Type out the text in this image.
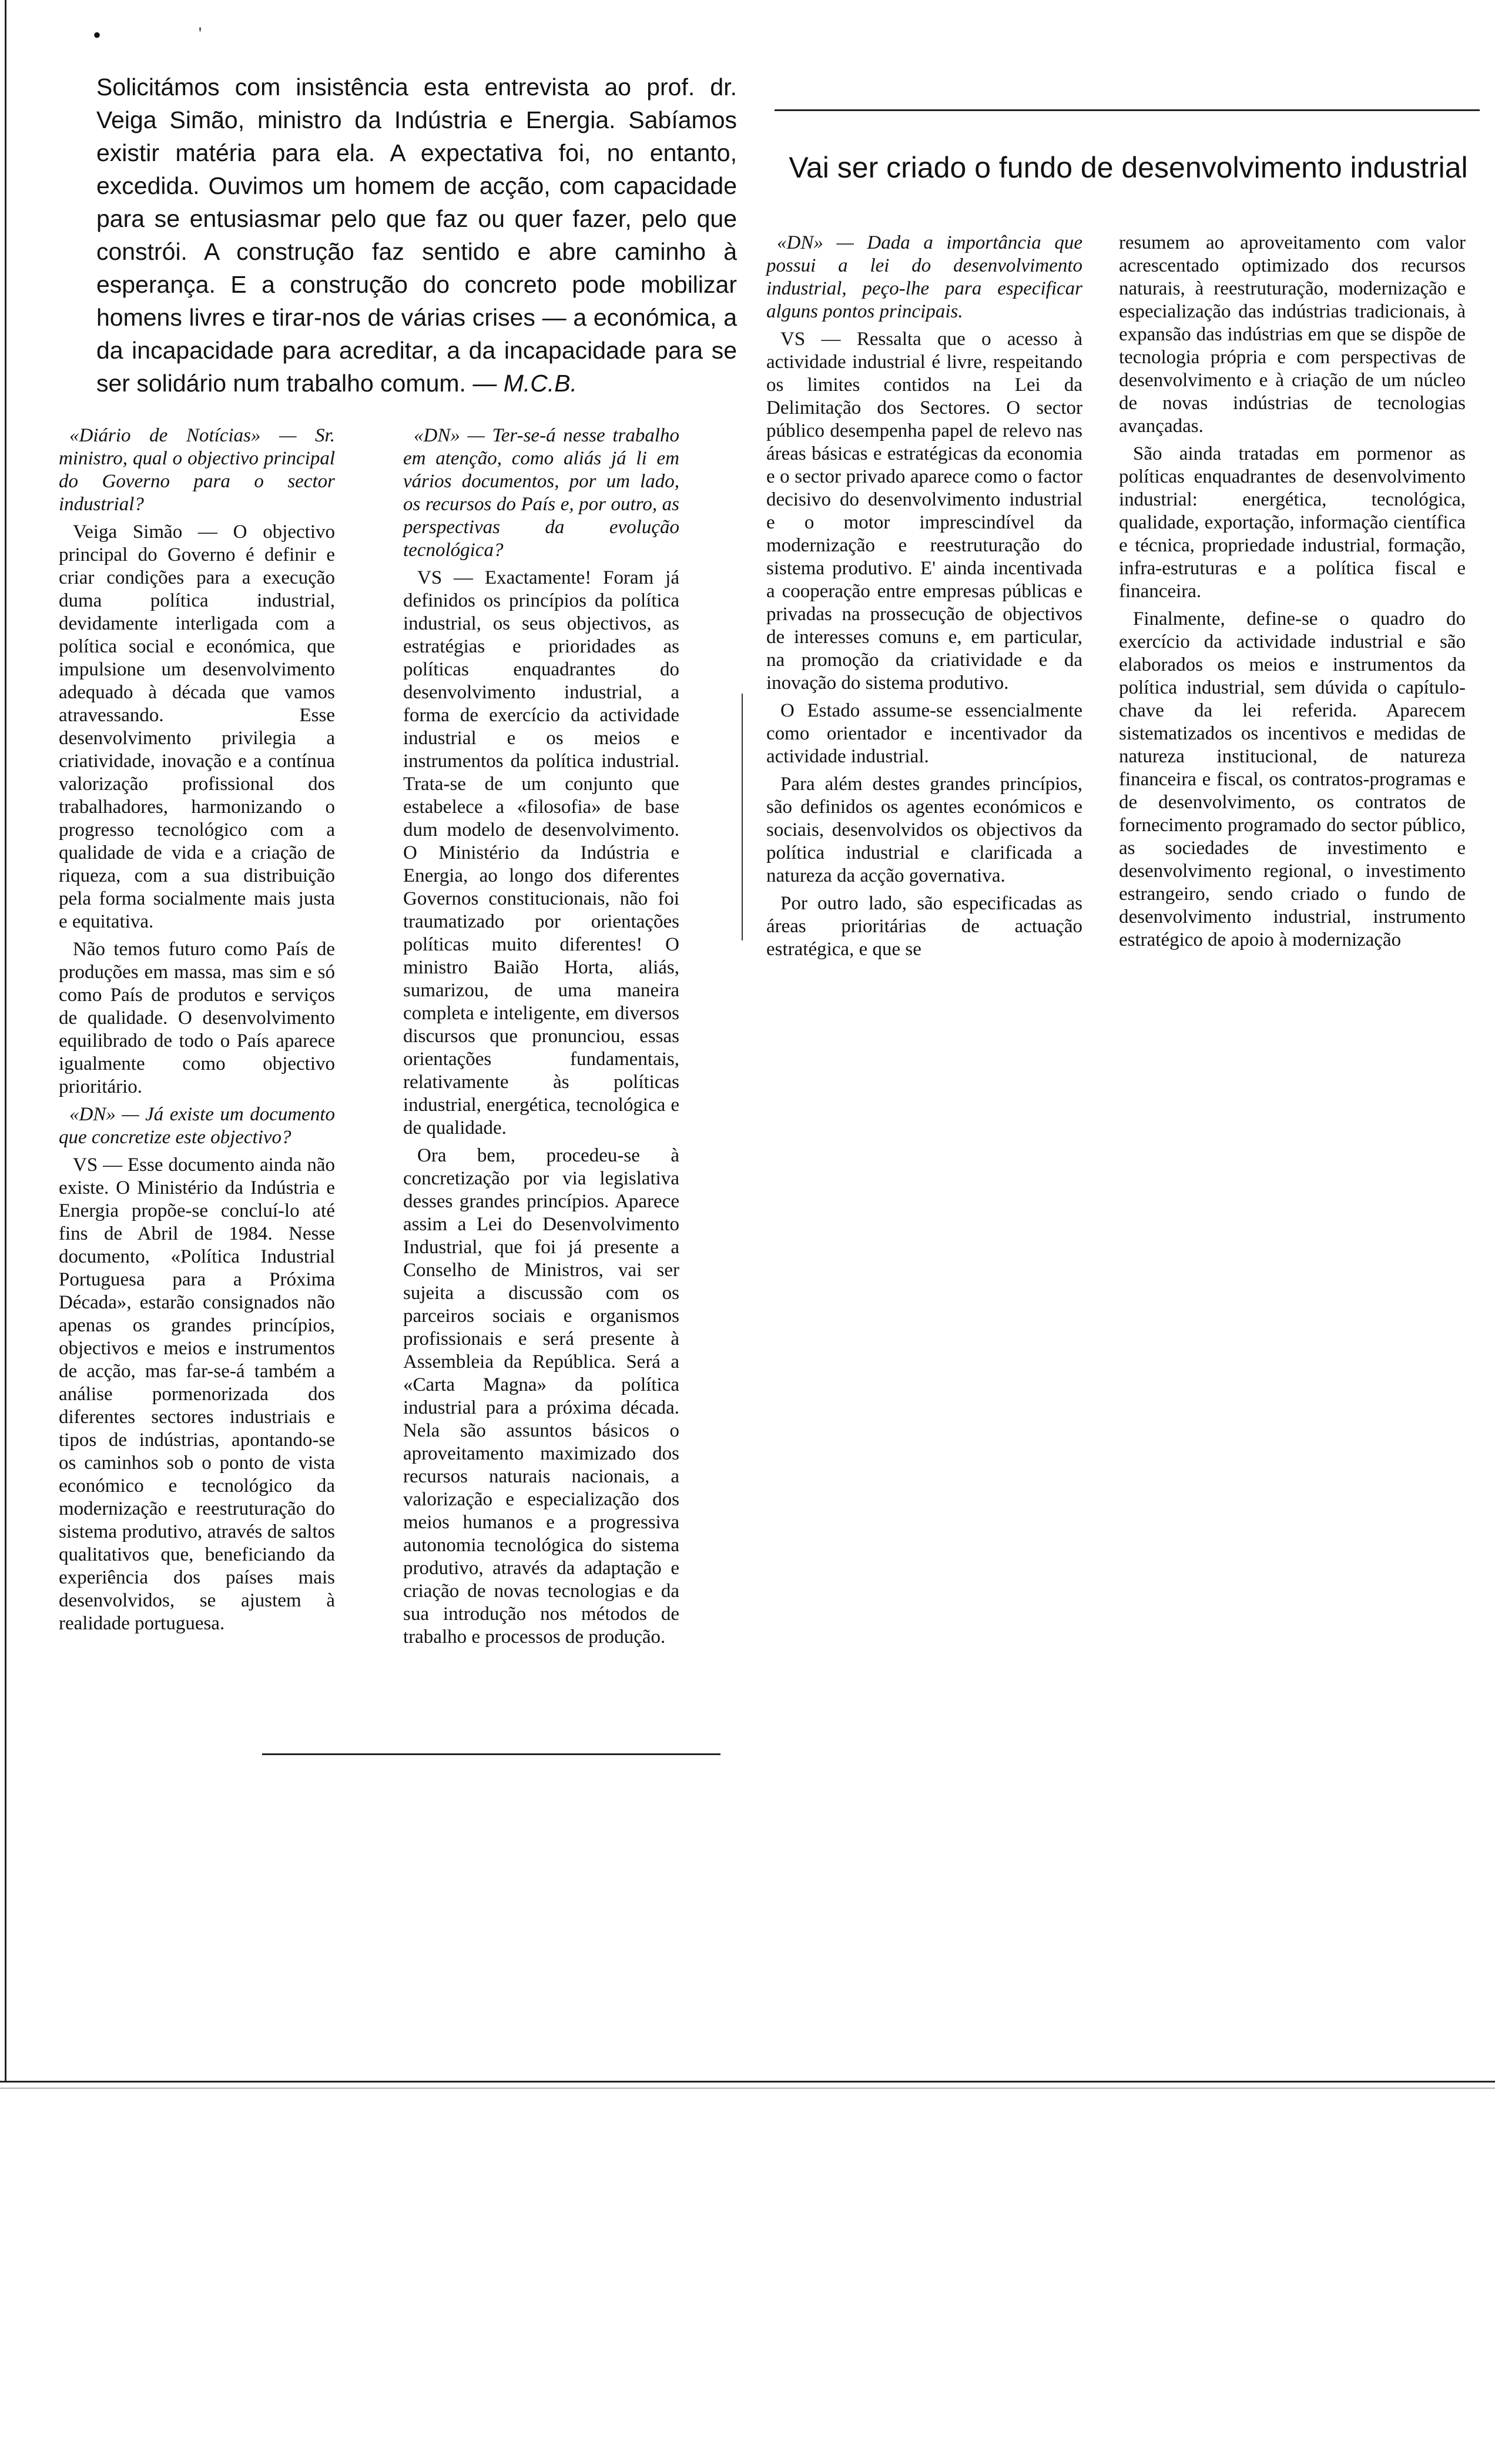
•	'

Solicitámos com insistência esta entrevista ao prof. dr. Veiga Simão, ministro da Indústria e Energia. Sabíamos existir matéria para ela. A expectativa foi, no entanto, excedida. Ouvimos um homem de acção, com capacidade para se entusiasmar pelo que faz ou quer fazer, pelo que constrói. A construção faz sentido e abre caminho à esperança. E a construção do concreto pode mobilizar homens livres e tirar-nos de várias crises — a económica, a da incapacidade para acreditar, a da incapacidade para se ser solidário num trabalho comum. — M.C.B.

Vai ser criado o fundo de desenvolvimento industrial

«Diário de Notícias» — Sr. ministro, qual o objectivo principal do Governo para o sector industrial?

Veiga Simão — O objectivo principal do Governo é definir e criar condições para a execução duma política industrial, devidamente interligada com a política social e económica, que impulsione um desenvolvimento adequado à década que vamos atravessando. Esse desenvolvimento privilegia a criatividade, inovação e a contínua valorização profissional dos trabalhadores, harmonizando o progresso tecnológico com a qualidade de vida e a criação de riqueza, com a sua distribuição pela forma socialmente mais justa e equitativa.

Não temos futuro como País de produções em massa, mas sim e só como País de produtos e serviços de qualidade. O desenvolvimento equilibrado de todo o País aparece igualmente como objectivo prioritário.

«DN» — Já existe um documento que concretize este objectivo?

VS — Esse documento ainda não existe. O Ministério da Indústria e Energia propõe-se concluí-lo até fins de Abril de 1984. Nesse documento, «Política Industrial Portuguesa para a Próxima Década», estarão consignados não apenas os grandes princípios, objectivos e meios e instrumentos de acção, mas far-se-á também a análise pormenorizada dos diferentes sectores industriais e tipos de indústrias, apontando-se os caminhos sob o ponto de vista económico e tecnológico da modernização e reestruturação do sistema produtivo, através de saltos qualitativos que, beneficiando da experiência dos países mais desenvolvidos, se ajustem à realidade portuguesa.

«DN» — Ter-se-á nesse trabalho em atenção, como aliás já li em vários documentos, por um lado, os recursos do País e, por outro, as perspectivas da evolução tecnológica?

VS — Exactamente! Foram já definidos os princípios da política industrial, os seus objectivos, as estratégias e prioridades as políticas enquadrantes do desenvolvimento industrial, a forma de exercício da actividade industrial e os meios e instrumentos da política industrial. Trata-se de um conjunto que estabelece a «filosofia» de base dum modelo de desenvolvimento. O Ministério da Indústria e Energia, ao longo dos diferentes Governos constitucionais, não foi traumatizado por orientações políticas muito diferentes! O ministro Baião Horta, aliás, sumarizou, de uma maneira completa e inteligente, em diversos discursos que pronunciou, essas orientações fundamentais, relativamente às políticas industrial, energética, tecnológica e de qualidade.

Ora bem, procedeu-se à concretização por via legislativa desses grandes princípios. Aparece assim a Lei do Desenvolvimento Industrial, que foi já presente a Conselho de Ministros, vai ser sujeita a discussão com os parceiros sociais e organismos profissionais e será presente à Assembleia da República. Será a «Carta Magna» da política industrial para a próxima década. Nela são assuntos básicos o aproveitamento maximizado dos recursos naturais nacionais, a valorização e especialização dos meios humanos e a progressiva autonomia tecnológica do sistema produtivo, através da adaptação e criação de novas tecnologias e da sua introdução nos métodos de trabalho e processos de produção.

«DN» — Dada a importância que possui a lei do desenvolvimento industrial, peço-lhe para especificar alguns pontos principais.

VS — Ressalta que o acesso à actividade industrial é livre, respeitando os limites contidos na Lei da Delimitação dos Sectores. O sector público desempenha papel de relevo nas áreas básicas e estratégicas da economia e o sector privado aparece como o factor decisivo do desenvolvimento industrial e o motor imprescindível da modernização e reestruturação do sistema produtivo. E' ainda incentivada a cooperação entre empresas públicas e privadas na prossecução de objectivos de interesses comuns e, em particular, na promoção da criatividade e da inovação do sistema produtivo.

O Estado assume-se essencialmente como orientador e incentivador da actividade industrial.

Para além destes grandes princípios, são definidos os agentes económicos e sociais, desenvolvidos os objectivos da política industrial e clarificada a natureza da acção governativa.

Por outro lado, são especificadas as áreas prioritárias de actuação estratégica, e que se

resumem ao aproveitamento com valor acrescentado optimizado dos recursos naturais, à reestruturação, modernização e especialização das indústrias tradicionais, à expansão das indústrias em que se dispõe de tecnologia própria e com perspectivas de desenvolvimento e à criação de um núcleo de novas indústrias de tecnologias avançadas.

São ainda tratadas em pormenor as políticas enquadrantes de desenvolvimento industrial: energética, tecnológica, qualidade, exportação, informação científica e técnica, propriedade industrial, formação, infra-estruturas e a política fiscal e financeira.

Finalmente, define-se o quadro do exercício da actividade industrial e são elaborados os meios e instrumentos da política industrial, sem dúvida o capítulo-chave da lei referida. Aparecem sistematizados os incentivos e medidas de natureza institucional, de natureza financeira e fiscal, os contratos-programas e de desenvolvimento, os contratos de fornecimento programado do sector público, as sociedades de investimento e desenvolvimento regional, o investimento estrangeiro, sendo criado o fundo de desenvolvimento industrial, instrumento estratégico de apoio à modernização
